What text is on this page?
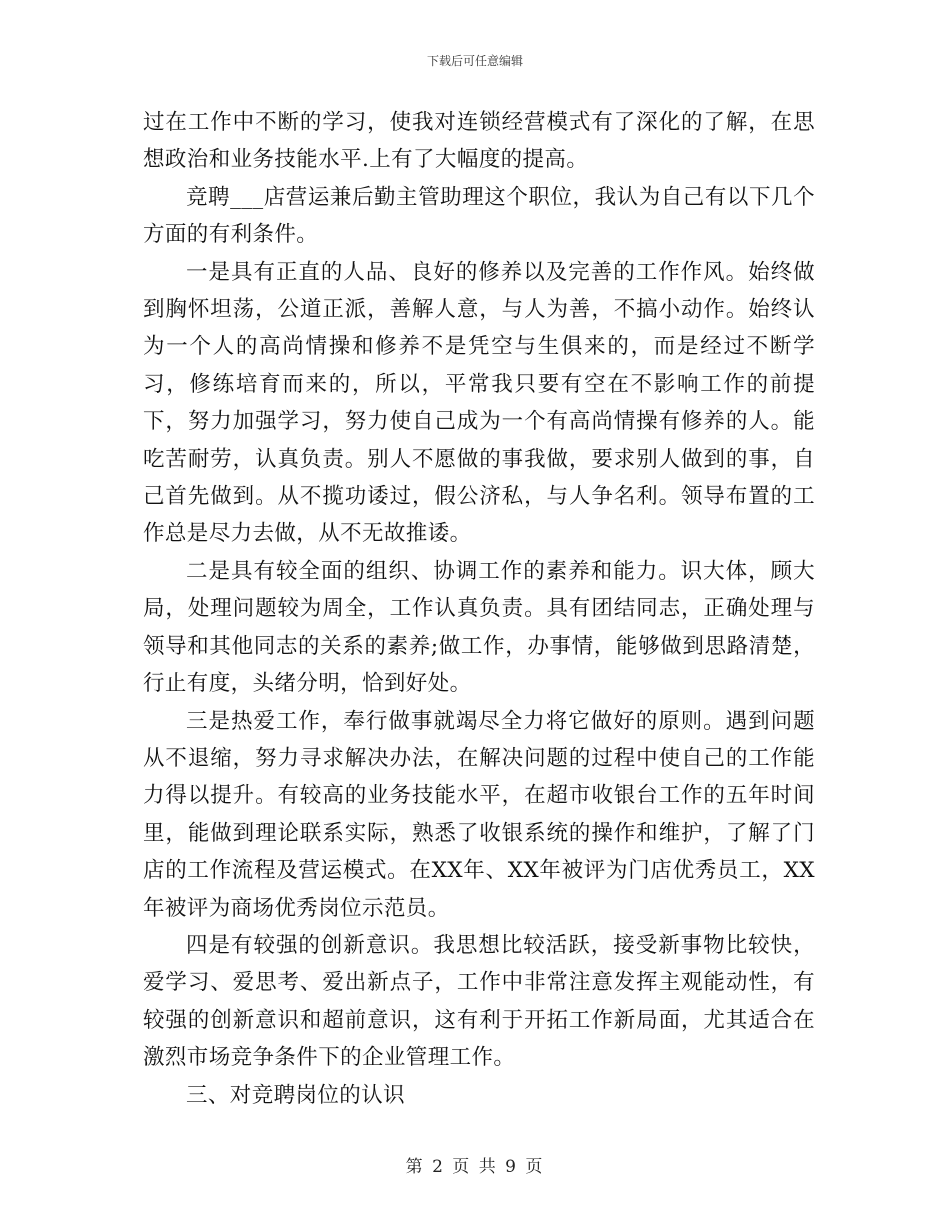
下载后可任意编辑

过在工作中不断的学习，使我对连锁经营模式有了深化的了解，在思想政治和业务技能水平.上有了大幅度的提高。

竞聘___店营运兼后勤主管助理这个职位，我认为自己有以下几个方面的有利条件。

一是具有正直的人品、良好的修养以及完善的工作作风。始终做到胸怀坦荡，公道正派，善解人意，与人为善，不搞小动作。始终认为一个人的高尚情操和修养不是凭空与生俱来的，而是经过不断学习，修练培育而来的，所以，平常我只要有空在不影响工作的前提下，努力加强学习，努力使自己成为一个有高尚情操有修养的人。能吃苦耐劳，认真负责。别人不愿做的事我做，要求别人做到的事，自己首先做到。从不揽功诿过，假公济私，与人争名利。领导布置的工作总是尽力去做，从不无故推诿。

二是具有较全面的组织、协调工作的素养和能力。识大体，顾大局，处理问题较为周全，工作认真负责。具有团结同志，正确处理与领导和其他同志的关系的素养;做工作，办事情，能够做到思路清楚，行止有度，头绪分明，恰到好处。

三是热爱工作，奉行做事就竭尽全力将它做好的原则。遇到问题从不退缩，努力寻求解决办法，在解决问题的过程中使自己的工作能力得以提升。有较高的业务技能水平，在超市收银台工作的五年时间里，能做到理论联系实际，熟悉了收银系统的操作和维护，了解了门店的工作流程及营运模式。在XX年、XX年被评为门店优秀员工，XX年被评为商场优秀岗位示范员。

四是有较强的创新意识。我思想比较活跃，接受新事物比较快，爱学习、爱思考、爱出新点子，工作中非常注意发挥主观能动性，有较强的创新意识和超前意识，这有利于开拓工作新局面，尤其适合在激烈市场竞争条件下的企业管理工作。

三、对竞聘岗位的认识

第 2 页 共 9 页
